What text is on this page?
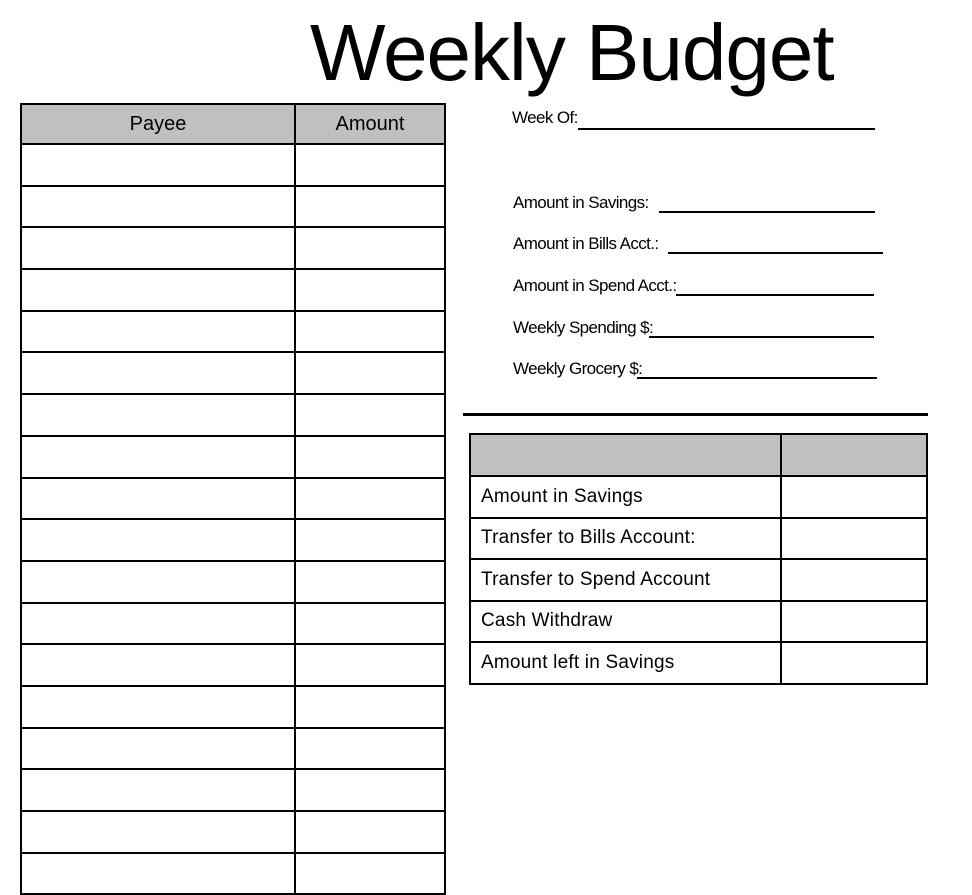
Weekly Budget
Payee	Amount

		Week Of:
Amount in Savings:
Amount in Bills Acct.:
Amount in Spend Acct.:
Weekly Spending $:
Weekly Grocery $:

Amount in Savings	
Transfer to Bills Account:	
Transfer to Spend Account	
Cash Withdraw	
Amount left in Savings	
